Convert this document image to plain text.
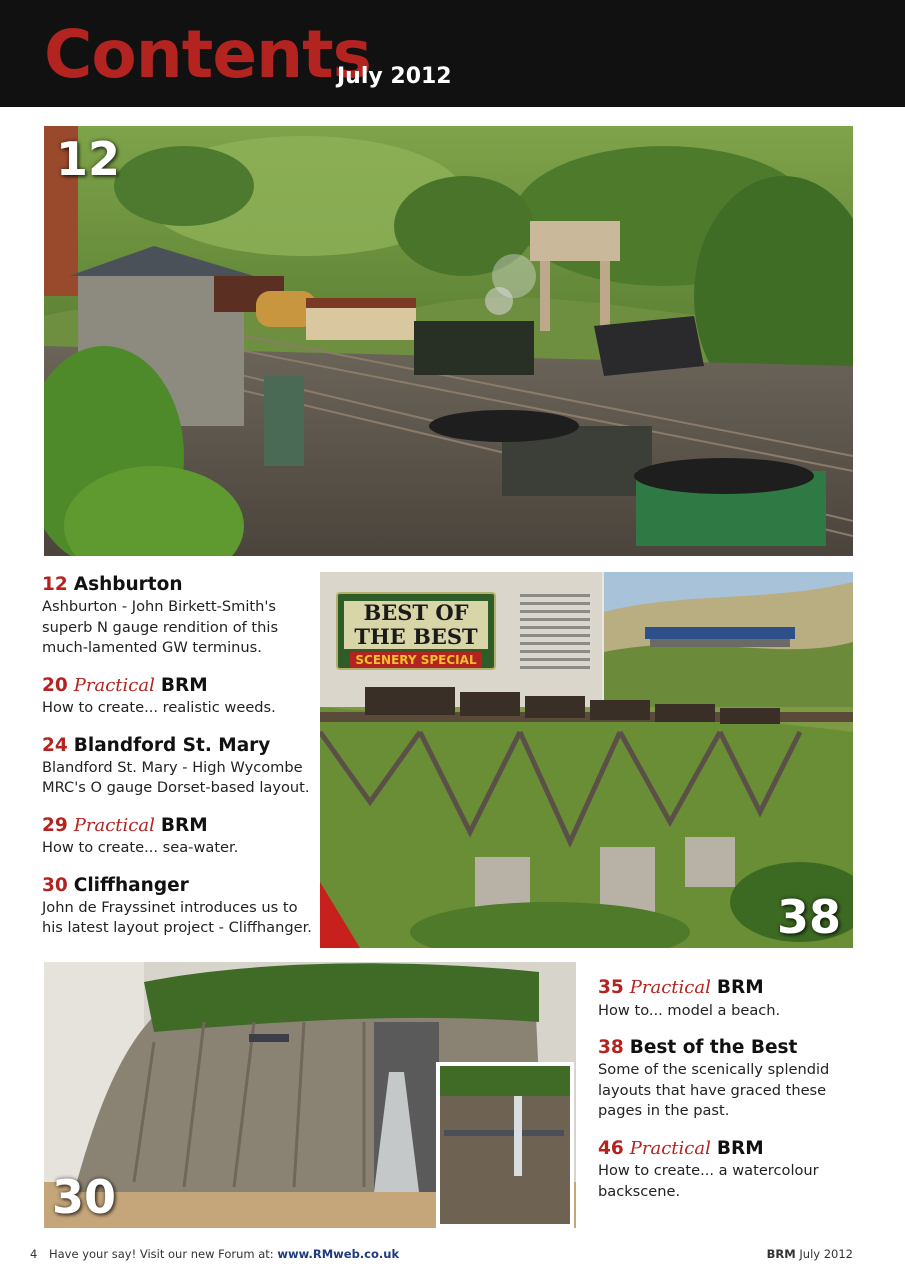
Contents
July 2012
12
12 Ashburton
Ashburton - John Birkett-Smith's superb N gauge rendition of this much-lamented GW terminus.
20 Practical BRM
How to create... realistic weeds.
24 Blandford St. Mary
Blandford St. Mary - High Wycombe MRC's O gauge Dorset-based layout.
29 Practical BRM
How to create... sea-water.
30 Cliffhanger
John de Frayssinet introduces us to his latest layout project - Cliffhanger.
BEST OF
THE BEST
SCENERY SPECIAL
38
30
35 Practical BRM
How to... model a beach.
38 Best of the Best
Some of the scenically splendid layouts that have graced these pages in the past.
46 Practical BRM
How to create... a watercolour backscene.
4 Have your say! Visit our new Forum at: www.RMweb.co.uk	BRM July 2012
